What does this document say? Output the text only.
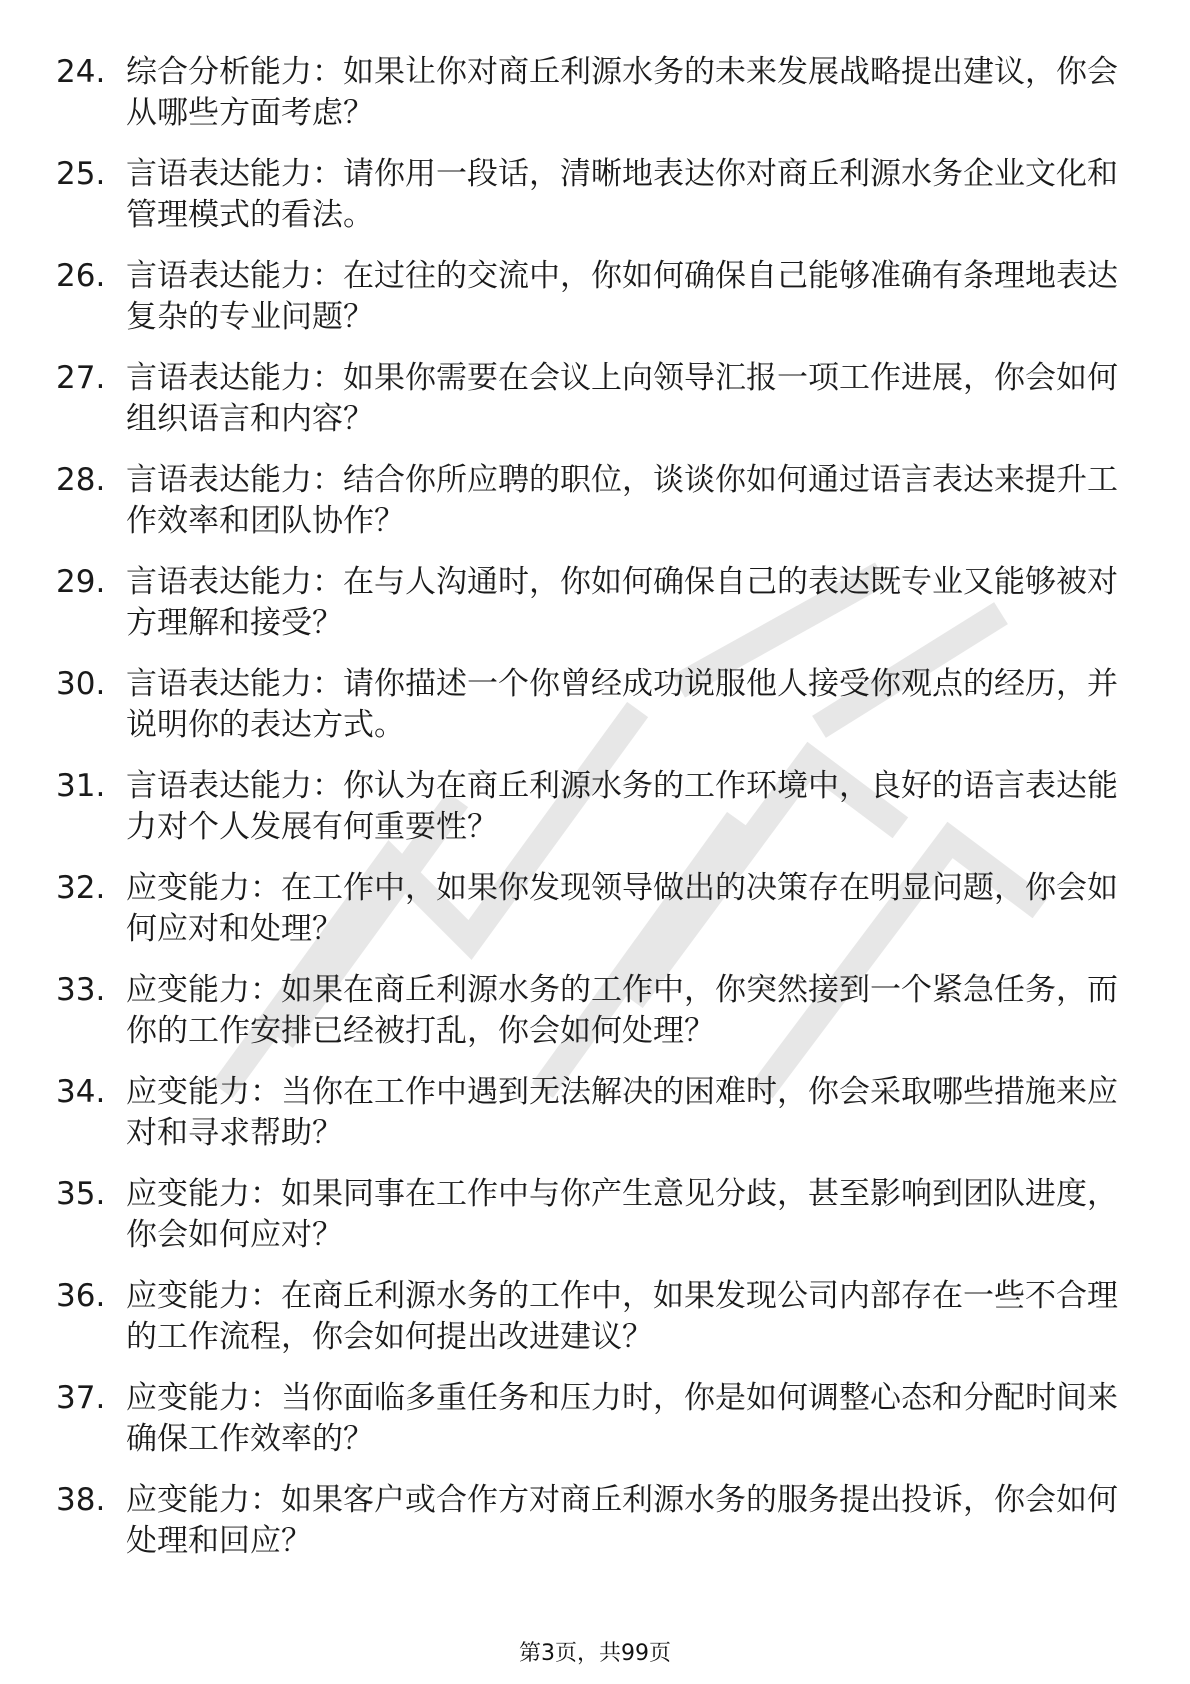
24. 综合分析能力：如果让你对商丘利源水务的未来发展战略提出建议，你会从哪些方面考虑？
25. 言语表达能力：请你用一段话，清晰地表达你对商丘利源水务企业文化和管理模式的看法。
26. 言语表达能力：在过往的交流中，你如何确保自己能够准确有条理地表达复杂的专业问题？
27. 言语表达能力：如果你需要在会议上向领导汇报一项工作进展，你会如何组织语言和内容？
28. 言语表达能力：结合你所应聘的职位，谈谈你如何通过语言表达来提升工作效率和团队协作？
29. 言语表达能力：在与人沟通时，你如何确保自己的表达既专业又能够被对方理解和接受？
30. 言语表达能力：请你描述一个你曾经成功说服他人接受你观点的经历，并说明你的表达方式。
31. 言语表达能力：你认为在商丘利源水务的工作环境中，良好的语言表达能力对个人发展有何重要性？
32. 应变能力：在工作中，如果你发现领导做出的决策存在明显问题，你会如何应对和处理？
33. 应变能力：如果在商丘利源水务的工作中，你突然接到一个紧急任务，而你的工作安排已经被打乱，你会如何处理？
34. 应变能力：当你在工作中遇到无法解决的困难时，你会采取哪些措施来应对和寻求帮助？
35. 应变能力：如果同事在工作中与你产生意见分歧，甚至影响到团队进度，你会如何应对？
36. 应变能力：在商丘利源水务的工作中，如果发现公司内部存在一些不合理的工作流程，你会如何提出改进建议？
37. 应变能力：当你面临多重任务和压力时，你是如何调整心态和分配时间来确保工作效率的？
38. 应变能力：如果客户或合作方对商丘利源水务的服务提出投诉，你会如何处理和回应？
第3页，共99页
